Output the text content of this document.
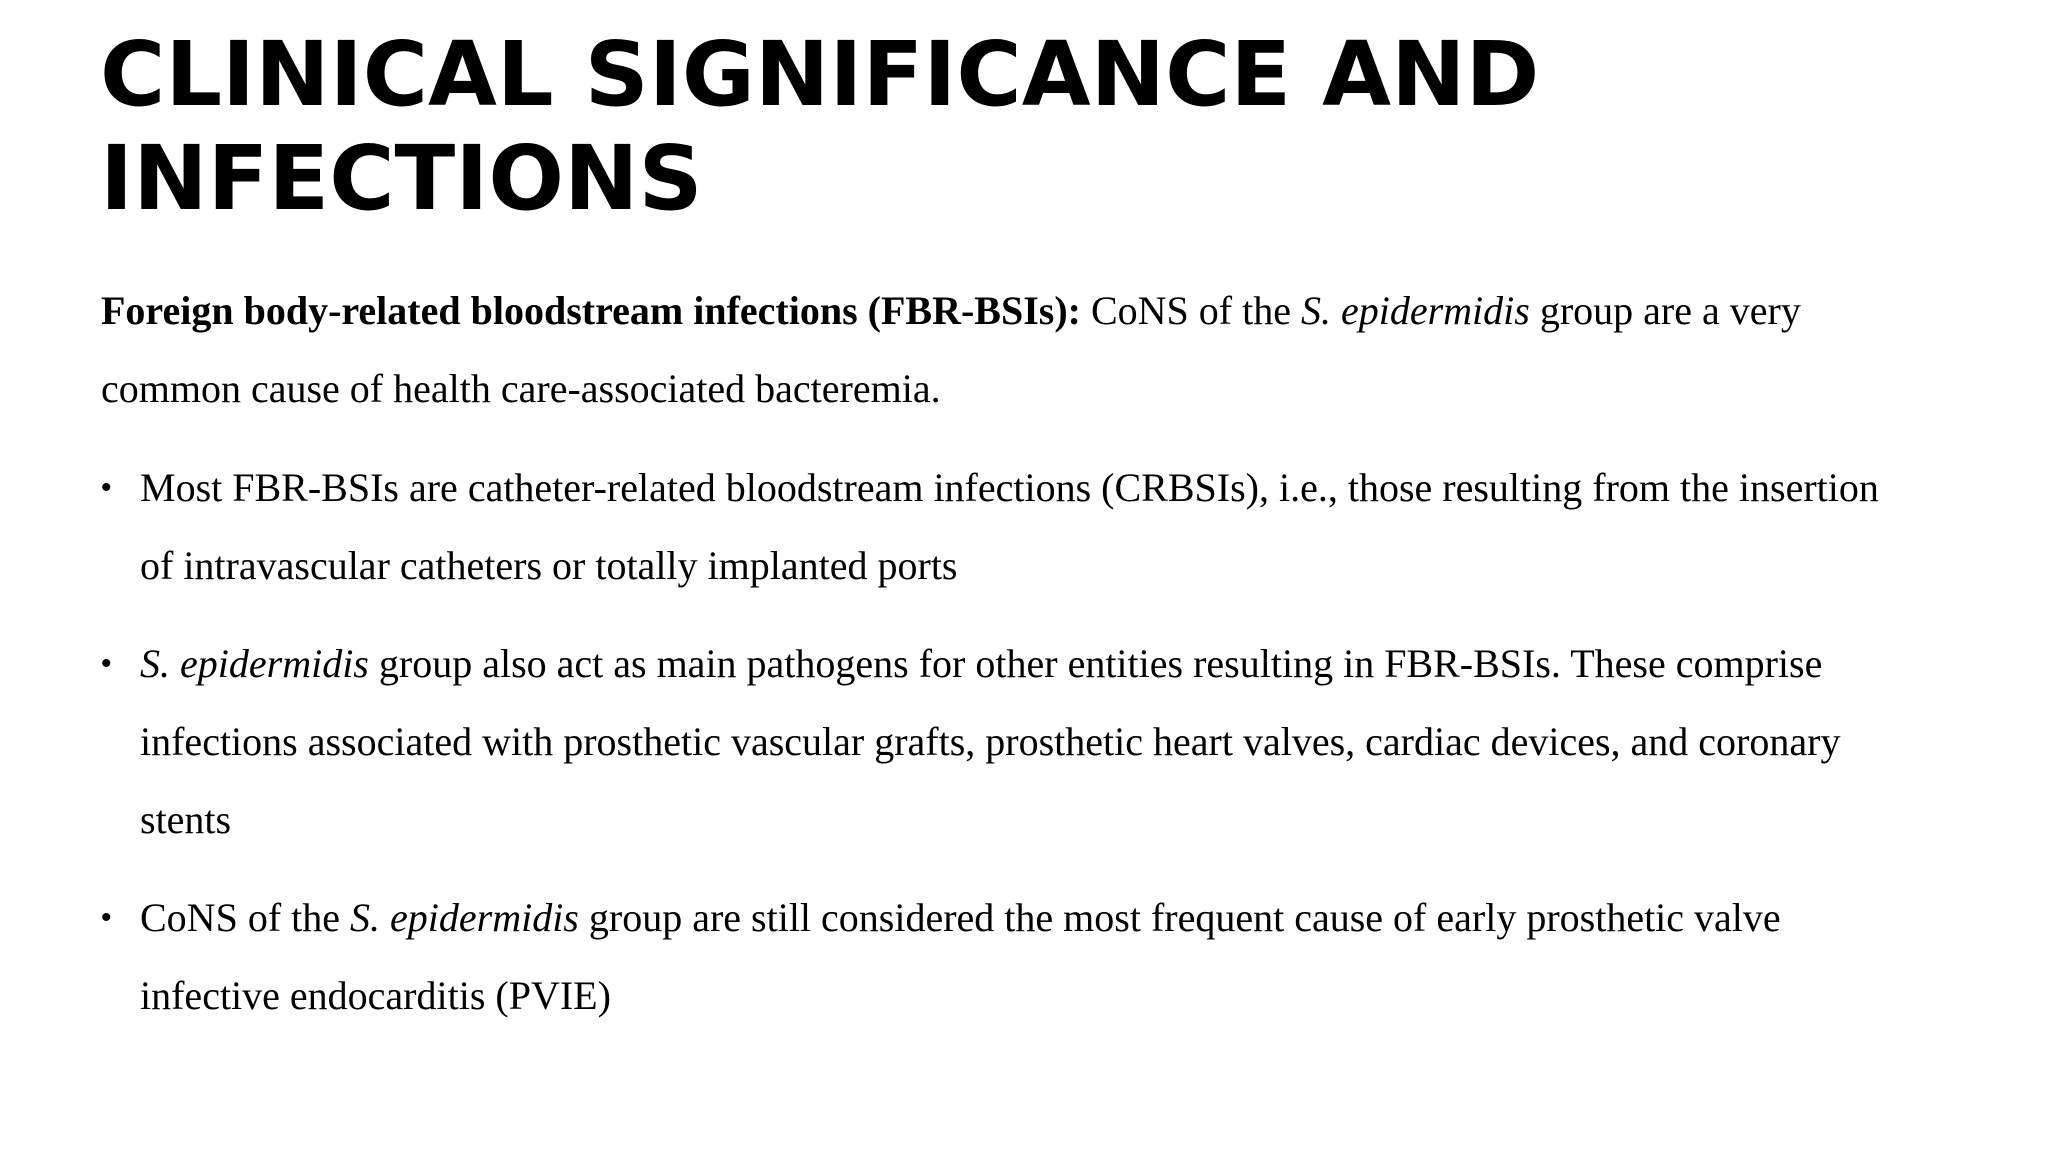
CLINICAL SIGNIFICANCE AND
INFECTIONS

Foreign body-related bloodstream infections (FBR-BSIs): CoNS of the S. epidermidis group are a very common cause of health care-associated bacteremia.

• Most FBR-BSIs are catheter-related bloodstream infections (CRBSIs), i.e., those resulting from the insertion of intravascular catheters or totally implanted ports
• S. epidermidis group also act as main pathogens for other entities resulting in FBR-BSIs. These comprise infections associated with prosthetic vascular grafts, prosthetic heart valves, cardiac devices, and coronary stents
• CoNS of the S. epidermidis group are still considered the most frequent cause of early prosthetic valve infective endocarditis (PVIE)
